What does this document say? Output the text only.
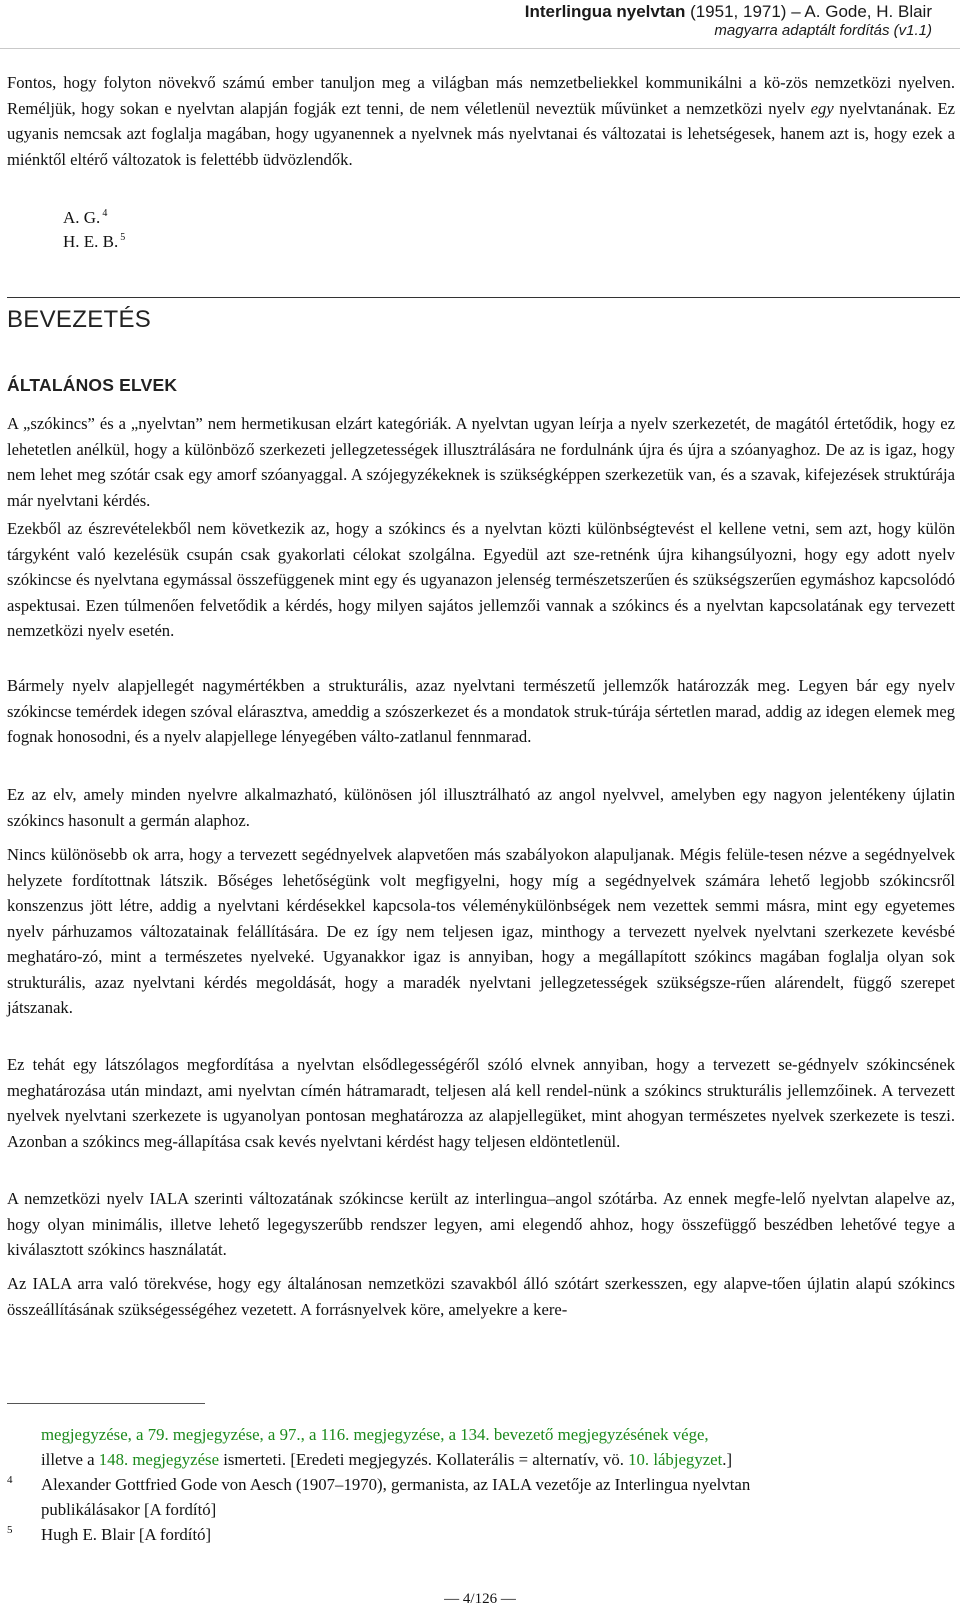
Interlingua nyelvtan (1951, 1971) – A. Gode, H. Blair
magyarra adaptált fordítás (v1.1)

Fontos, hogy folyton növekvő számú ember tanuljon meg a világban más nemzetbeliekkel kommunikálni a kö-zös nemzetközi nyelven. Reméljük, hogy sokan e nyelvtan alapján fogják ezt tenni, de nem véletlenül neveztük művünket a nemzetközi nyelv egy nyelvtanának. Ez ugyanis nemcsak azt foglalja magában, hogy ugyanennek a nyelvnek más nyelvtanai és változatai is lehetségesek, hanem azt is, hogy ezek a miénktől eltérő változatok is felettébb üdvözlendők.

A. G. $^4$
H. E. B. $^5$
BEVEZETÉS
ÁLTALÁNOS ELVEK

A „szókincs” és a „nyelvtan” nem hermetikusan elzárt kategóriák. A nyelvtan ugyan leírja a nyelv szerkezetét, de magától értetődik, hogy ez lehetetlen anélkül, hogy a különböző szerkezeti jellegzetességek illusztrálására ne fordulnánk újra és újra a szóanyaghoz. De az is igaz, hogy nem lehet meg szótár csak egy amorf szóanyaggal. A szójegyzékeknek is szükségképpen szerkezetük van, és a szavak, kifejezések struktúrája már nyelvtani kérdés.

Ezekből az észrevételekből nem következik az, hogy a szókincs és a nyelvtan közti különbségtevést el kellene vetni, sem azt, hogy külön tárgyként való kezelésük csupán csak gyakorlati célokat szolgálna. Egyedül azt sze-retnénk újra kihangsúlyozni, hogy egy adott nyelv szókincse és nyelvtana egymással összefüggenek mint egy és ugyanazon jelenség természetszerűen és szükségszerűen egymáshoz kapcsolódó aspektusai. Ezen túlmenően felvetődik a kérdés, hogy milyen sajátos jellemzői vannak a szókincs és a nyelvtan kapcsolatának egy tervezett nemzetközi nyelv esetén.

Bármely nyelv alapjellegét nagymértékben a strukturális, azaz nyelvtani természetű jellemzők határozzák meg. Legyen bár egy nyelv szókincse temérdek idegen szóval elárasztva, ameddig a szószerkezet és a mondatok struk-túrája sértetlen marad, addig az idegen elemek meg fognak honosodni, és a nyelv alapjellege lényegében válto-zatlanul fennmarad.

Ez az elv, amely minden nyelvre alkalmazható, különösen jól illusztrálható az angol nyelvvel, amelyben egy nagyon jelentékeny újlatin szókincs hasonult a germán alaphoz.

Nincs különösebb ok arra, hogy a tervezett segédnyelvek alapvetően más szabályokon alapuljanak. Mégis felüle-tesen nézve a segédnyelvek helyzete fordítottnak látszik. Bőséges lehetőségünk volt megfigyelni, hogy míg a segédnyelvek számára lehető legjobb szókincsről konszenzus jött létre, addig a nyelvtani kérdésekkel kapcsola-tos véleménykülönbségek nem vezettek semmi másra, mint egy egyetemes nyelv párhuzamos változatainak felállítására. De ez így nem teljesen igaz, minthogy a tervezett nyelvek nyelvtani szerkezete kevésbé meghatáro-zó, mint a természetes nyelveké. Ugyanakkor igaz is annyiban, hogy a megállapított szókincs magában foglalja olyan sok strukturális, azaz nyelvtani kérdés megoldását, hogy a maradék nyelvtani jellegzetességek szükségsze-rűen alárendelt, függő szerepet játszanak.

Ez tehát egy látszólagos megfordítása a nyelvtan elsődlegességéről szóló elvnek annyiban, hogy a tervezett se-gédnyelv szókincsének meghatározása után mindazt, ami nyelvtan címén hátramaradt, teljesen alá kell rendel-nünk a szókincs strukturális jellemzőinek. A tervezett nyelvek nyelvtani szerkezete is ugyanolyan pontosan meghatározza az alapjellegüket, mint ahogyan természetes nyelvek szerkezete is teszi. Azonban a szókincs meg-állapítása csak kevés nyelvtani kérdést hagy teljesen eldöntetlenül.

A nemzetközi nyelv IALA szerinti változatának szókincse került az interlingua–angol szótárba. Az ennek megfe-lelő nyelvtan alapelve az, hogy olyan minimális, illetve lehető legegyszerűbb rendszer legyen, ami elegendő ahhoz, hogy összefüggő beszédben lehetővé tegye a kiválasztott szókincs használatát.

Az IALA arra való törekvése, hogy egy általánosan nemzetközi szavakból álló szótárt szerkesszen, egy alapve-tően újlatin alapú szókincs összeállításának szükségességéhez vezetett. A forrásnyelvek köre, amelyekre a kere-

megjegyzése, a 79. megjegyzése, a 97., a 116. megjegyzése, a 134. bevezető megjegyzésének vége,
illetve a 148. megjegyzése ismerteti. [Eredeti megjegyzés. Kollaterális = alternatív, vö. 10. lábjegyzet.]
4 Alexander Gottfried Gode von Aesch (1907–1970), germanista, az IALA vezetője az Interlingua nyelvtan
publikálásakor [A fordító]
5 Hugh E. Blair [A fordító]
— 4/126 —
